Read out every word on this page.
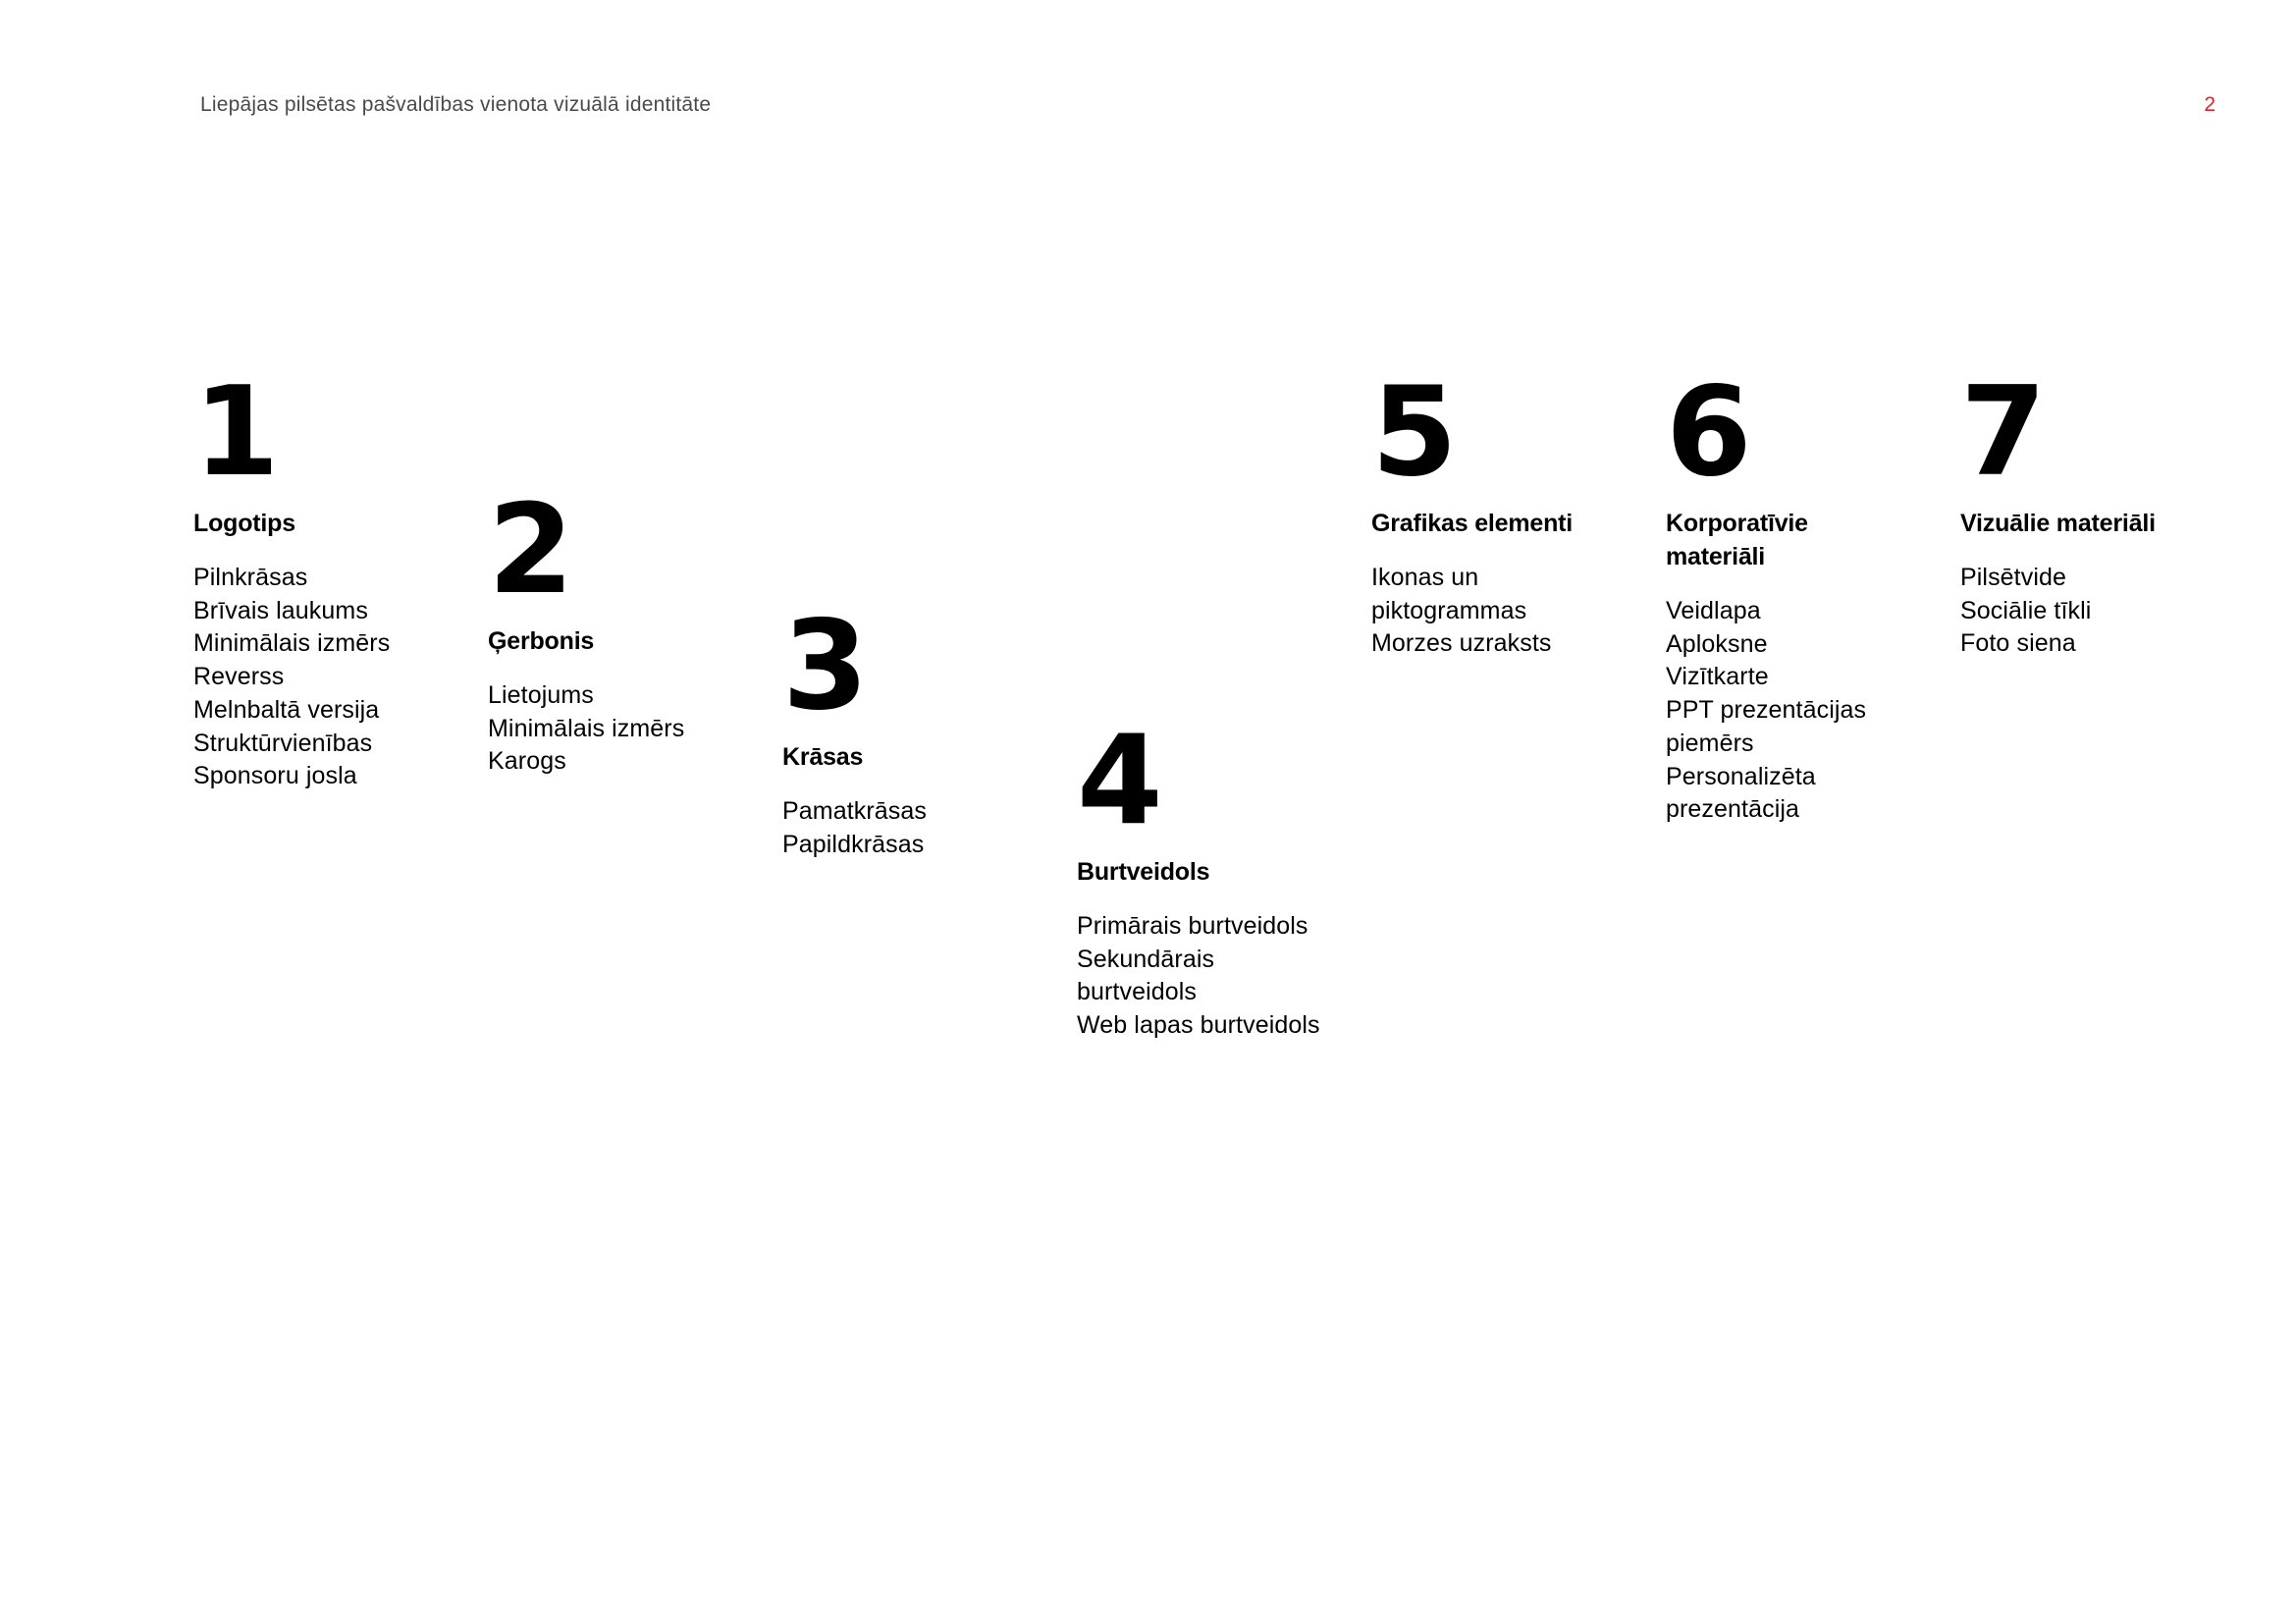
Liepājas pilsētas pašvaldības vienota vizuālā identitāte	2
1
Logotips
Pilnkrāsas
Brīvais laukums
Minimālais izmērs
Reverss
Melnbaltā versija
Struktūrvienības
Sponsoru josla
2
Ģerbonis
Lietojums
Minimālais izmērs
Karogs
3
Krāsas
Pamatkrāsas
Papildkrāsas	4
Burtveidols
Primārais burtveidols
Sekundārais
burtveidols
Web lapas burtveidols
5
Grafikas elementi
Ikonas un
piktogrammas
Morzes uzraksts
6
Korporatīvie
materiāli
Veidlapa
Aploksne
Vizītkarte
PPT prezentācijas
piemērs
Personalizēta
prezentācija
7
Vizuālie materiāli
Pilsētvide
Sociālie tīkli
Foto siena
